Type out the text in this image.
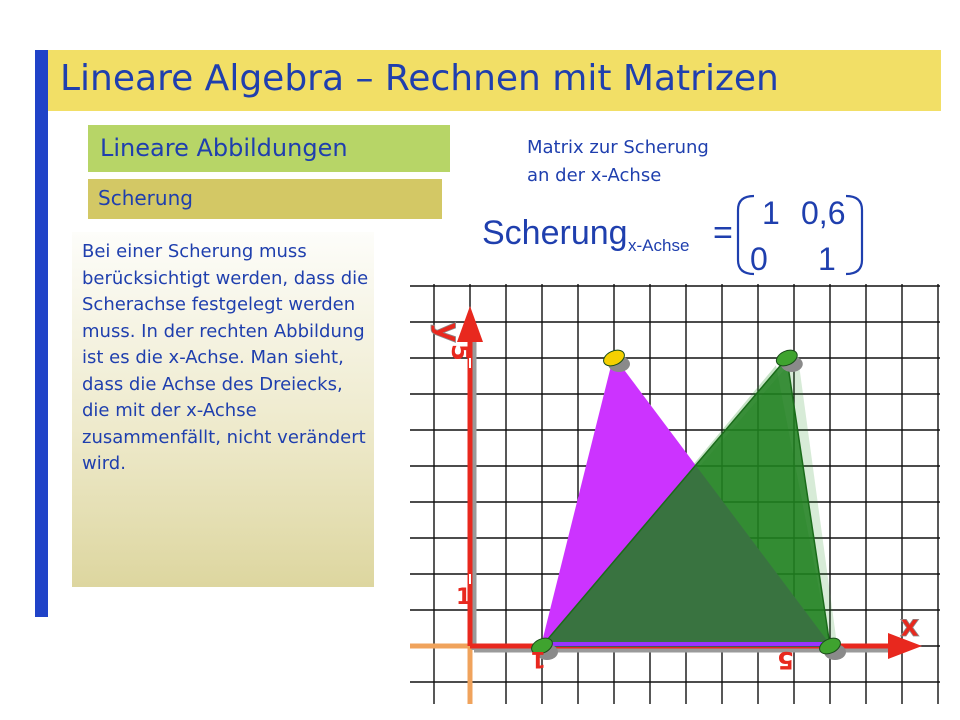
Lineare Algebra – Rechnen mit Matrizen
Lineare Abbildungen
Scherung
Bei einer Scherung muss berücksichtigt werden, dass die Scherachse festgelegt werden muss. In der rechten Abbildung ist es die x-Achse. Man sieht, dass die Achse des Dreiecks, die mit der x-Achse zusammenfällt, nicht verändert wird.
Matrix zur Scherung
an der x-Achse
Scherung x-Achse =
1 0,6
0 1
y
x
5
1
1	5
